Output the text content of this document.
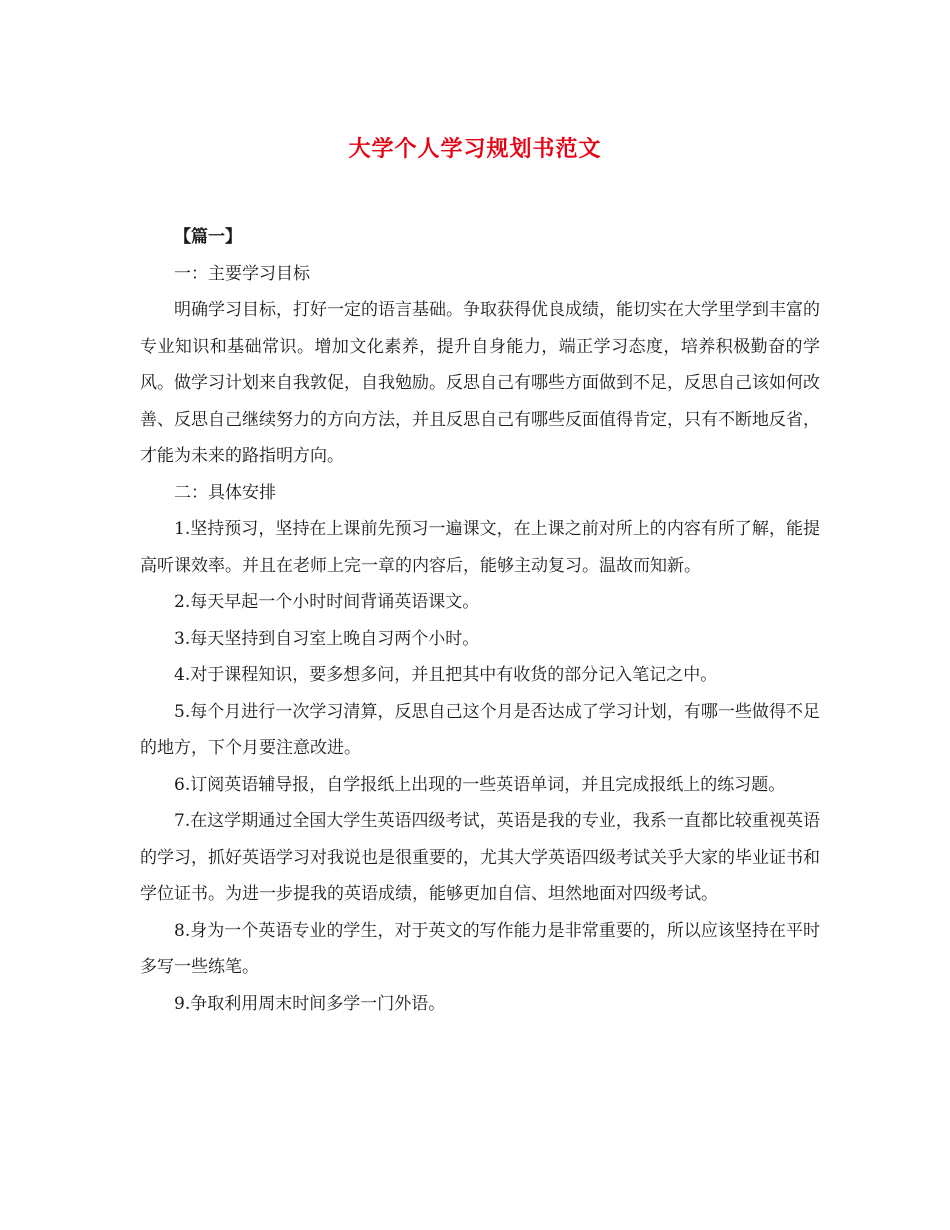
大学个人学习规划书范文

【篇一】

一：主要学习目标

明确学习目标，打好一定的语言基础。争取获得优良成绩，能切实在大学里学到丰富的专业知识和基础常识。增加文化素养，提升自身能力，端正学习态度，培养积极勤奋的学风。做学习计划来自我敦促，自我勉励。反思自己有哪些方面做到不足，反思自己该如何改善、反思自己继续努力的方向方法，并且反思自己有哪些反面值得肯定，只有不断地反省，才能为未来的路指明方向。

二：具体安排

1.坚持预习，坚持在上课前先预习一遍课文，在上课之前对所上的内容有所了解，能提高听课效率。并且在老师上完一章的内容后，能够主动复习。温故而知新。

2.每天早起一个小时时间背诵英语课文。

3.每天坚持到自习室上晚自习两个小时。

4.对于课程知识，要多想多问，并且把其中有收货的部分记入笔记之中。

5.每个月进行一次学习清算，反思自己这个月是否达成了学习计划，有哪一些做得不足的地方，下个月要注意改进。

6.订阅英语辅导报，自学报纸上出现的一些英语单词，并且完成报纸上的练习题。

7.在这学期通过全国大学生英语四级考试，英语是我的专业，我系一直都比较重视英语的学习，抓好英语学习对我说也是很重要的，尤其大学英语四级考试关乎大家的毕业证书和学位证书。为进一步提我的英语成绩，能够更加自信、坦然地面对四级考试。

8.身为一个英语专业的学生，对于英文的写作能力是非常重要的，所以应该坚持在平时多写一些练笔。

9.争取利用周末时间多学一门外语。
